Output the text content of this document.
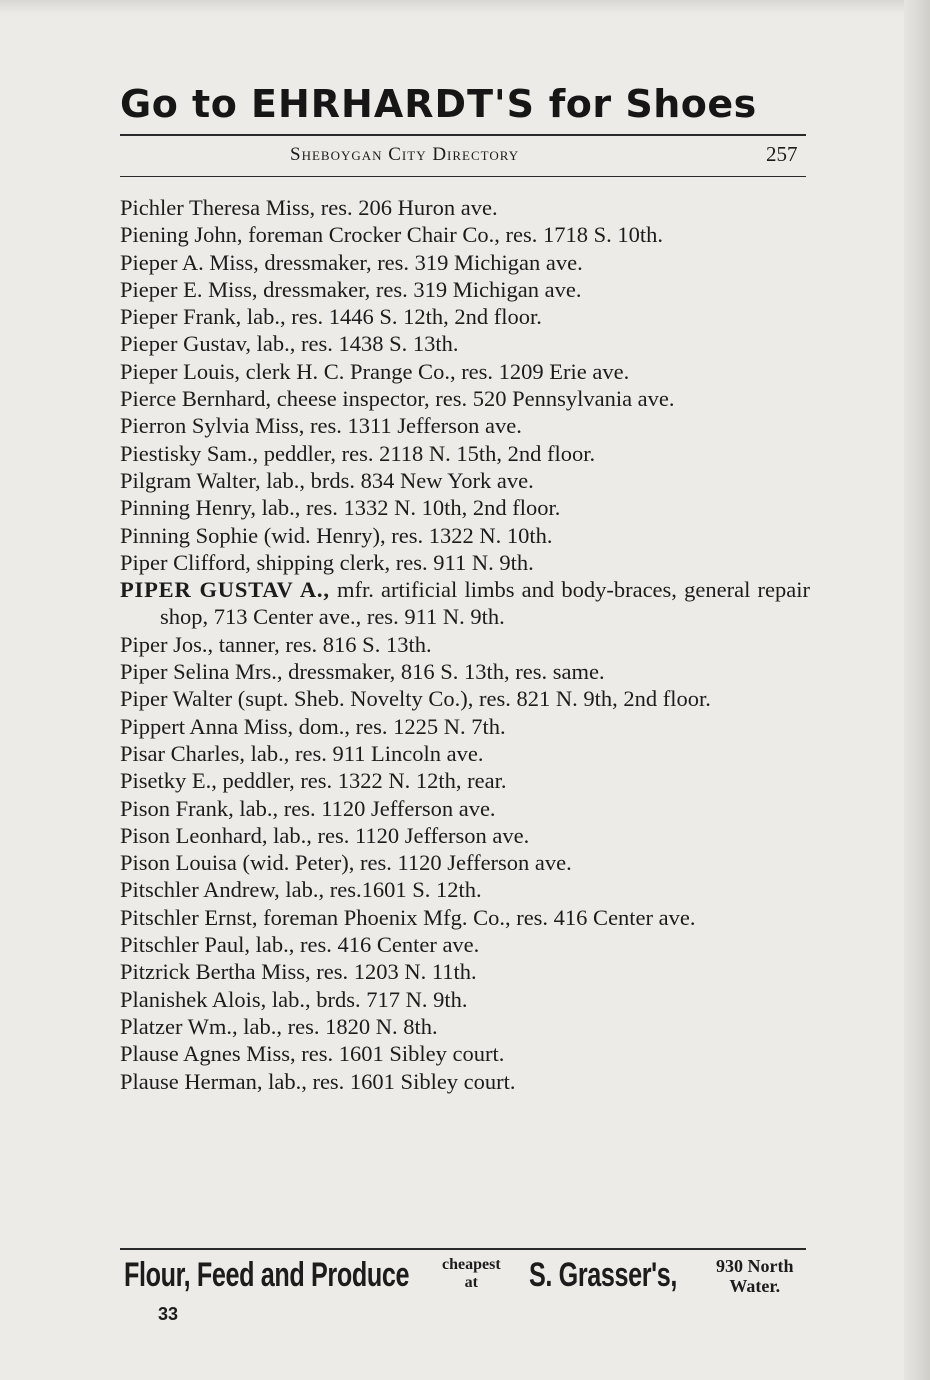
Go to EHRHARDT'S for Shoes
Sheboygan City Directory	257
Pichler Theresa Miss, res. 206 Huron ave.
Piening John, foreman Crocker Chair Co., res. 1718 S. 10th.
Pieper A. Miss, dressmaker, res. 319 Michigan ave.
Pieper E. Miss, dressmaker, res. 319 Michigan ave.
Pieper Frank, lab., res. 1446 S. 12th, 2nd floor.
Pieper Gustav, lab., res. 1438 S. 13th.
Pieper Louis, clerk H. C. Prange Co., res. 1209 Erie ave.
Pierce Bernhard, cheese inspector, res. 520 Pennsylvania ave.
Pierron Sylvia Miss, res. 1311 Jefferson ave.
Piestisky Sam., peddler, res. 2118 N. 15th, 2nd floor.
Pilgram Walter, lab., brds. 834 New York ave.
Pinning Henry, lab., res. 1332 N. 10th, 2nd floor.
Pinning Sophie (wid. Henry), res. 1322 N. 10th.
Piper Clifford, shipping clerk, res. 911 N. 9th.
PIPER GUSTAV A., mfr. artificial limbs and body-braces, general repair shop, 713 Center ave., res. 911 N. 9th.
Piper Jos., tanner, res. 816 S. 13th.
Piper Selina Mrs., dressmaker, 816 S. 13th, res. same.
Piper Walter (supt. Sheb. Novelty Co.), res. 821 N. 9th, 2nd floor.
Pippert Anna Miss, dom., res. 1225 N. 7th.
Pisar Charles, lab., res. 911 Lincoln ave.
Pisetky E., peddler, res. 1322 N. 12th, rear.
Pison Frank, lab., res. 1120 Jefferson ave.
Pison Leonhard, lab., res. 1120 Jefferson ave.
Pison Louisa (wid. Peter), res. 1120 Jefferson ave.
Pitschler Andrew, lab., res.1601 S. 12th.
Pitschler Ernst, foreman Phoenix Mfg. Co., res. 416 Center ave.
Pitschler Paul, lab., res. 416 Center ave.
Pitzrick Bertha Miss, res. 1203 N. 11th.
Planishek Alois, lab., brds. 717 N. 9th.
Platzer Wm., lab., res. 1820 N. 8th.
Plause Agnes Miss, res. 1601 Sibley court.
Plause Herman, lab., res. 1601 Sibley court.
Flour, Feed and Produce cheapest
at	S. Grasser's, 930 North
Water.
33
